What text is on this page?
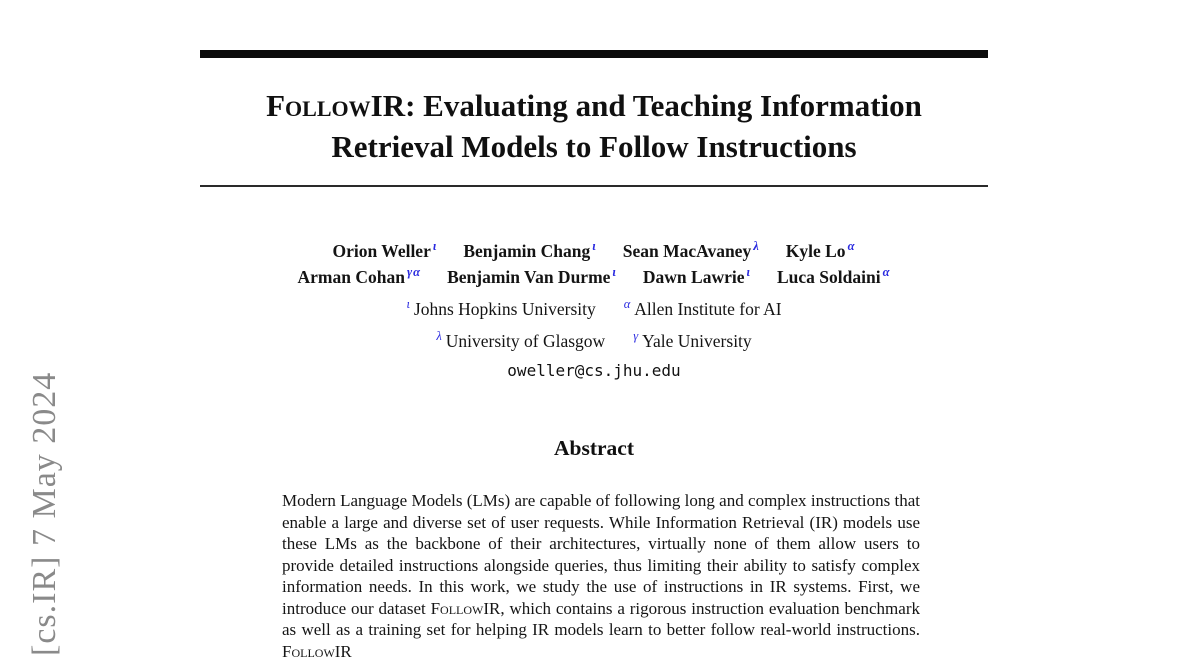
[cs.IR] 7 May 2024
FollowIR: Evaluating and Teaching Information
Retrieval Models to Follow Instructions
Orion Weller $^\iota$ Benjamin Chang $^\iota$ Sean MacAvaney $^\lambda$ Kyle Lo $^\alpha$
Arman Cohan $^{\gamma\alpha}$ Benjamin Van Durme $^\iota$ Dawn Lawrie $^\iota$ Luca Soldaini $^\alpha$
$^\iota$ Johns Hopkins University $^\alpha$ Allen Institute for AI
$^\lambda$ University of Glasgow $^\gamma$ Yale University
oweller@cs.jhu.edu
Abstract

Modern Language Models (LMs) are capable of following long and complex instructions that enable a large and diverse set of user requests. While Information Retrieval (IR) models use these LMs as the backbone of their architectures, virtually none of them allow users to provide detailed instructions alongside queries, thus limiting their ability to satisfy complex information needs. In this work, we study the use of instructions in IR systems. First, we introduce our dataset FollowIR, which contains a rigorous instruction evaluation benchmark as well as a training set for helping IR models learn to better follow real-world instructions. FollowIR
